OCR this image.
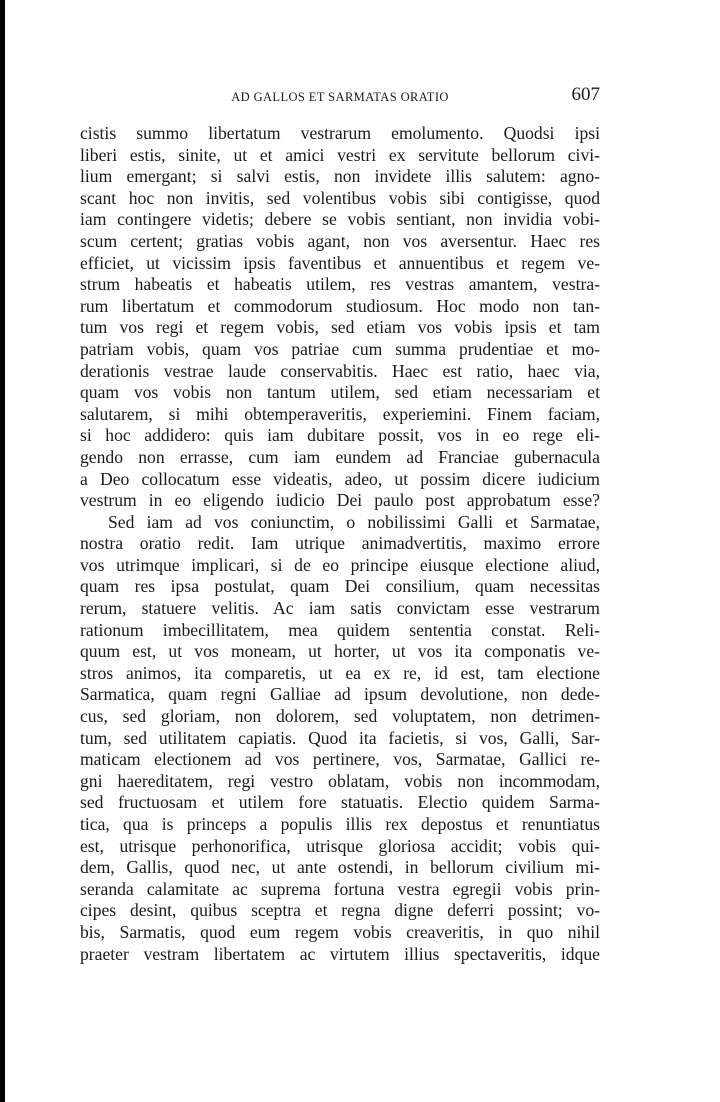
AD GALLOS ET SARMATAS ORATIO	607
cistis summo libertatum vestrarum emolumento. Quodsi ipsi
liberi estis, sinite, ut et amici vestri ex servitute bellorum civi-
lium emergant; si salvi estis, non invidete illis salutem: agno-
scant hoc non invitis, sed volentibus vobis sibi contigisse, quod
iam contingere videtis; debere se vobis sentiant, non invidia vobi-
scum certent; gratias vobis agant, non vos aversentur. Haec res
efficiet, ut vicissim ipsis faventibus et annuentibus et regem ve-
strum habeatis et habeatis utilem, res vestras amantem, vestra-
rum libertatum et commodorum studiosum. Hoc modo non tan-
tum vos regi et regem vobis, sed etiam vos vobis ipsis et tam
patriam vobis, quam vos patriae cum summa prudentiae et mo-
derationis vestrae laude conservabitis. Haec est ratio, haec via,
quam vos vobis non tantum utilem, sed etiam necessariam et
salutarem, si mihi obtemperaveritis, experiemini. Finem faciam,
si hoc addidero: quis iam dubitare possit, vos in eo rege eli-
gendo non errasse, cum iam eundem ad Franciae gubernacula
a Deo collocatum esse videatis, adeo, ut possim dicere iudicium
vestrum in eo eligendo iudicio Dei paulo post approbatum esse?
Sed iam ad vos coniunctim, o nobilissimi Galli et Sarmatae,
nostra oratio redit. Iam utrique animadvertitis, maximo errore
vos utrimque implicari, si de eo principe eiusque electione aliud,
quam res ipsa postulat, quam Dei consilium, quam necessitas
rerum, statuere velitis. Ac iam satis convictam esse vestrarum
rationum imbecillitatem, mea quidem sententia constat. Reli-
quum est, ut vos moneam, ut horter, ut vos ita componatis ve-
stros animos, ita comparetis, ut ea ex re, id est, tam electione
Sarmatica, quam regni Galliae ad ipsum devolutione, non dede-
cus, sed gloriam, non dolorem, sed voluptatem, non detrimen-
tum, sed utilitatem capiatis. Quod ita facietis, si vos, Galli, Sar-
maticam electionem ad vos pertinere, vos, Sarmatae, Gallici re-
gni haereditatem, regi vestro oblatam, vobis non incommodam,
sed fructuosam et utilem fore statuatis. Electio quidem Sarma-
tica, qua is princeps a populis illis rex depostus et renuntiatus
est, utrisque perhonorifica, utrisque gloriosa accidit; vobis qui-
dem, Gallis, quod nec, ut ante ostendi, in bellorum civilium mi-
seranda calamitate ac suprema fortuna vestra egregii vobis prin-
cipes desint, quibus sceptra et regna digne deferri possint; vo-
bis, Sarmatis, quod eum regem vobis creaveritis, in quo nihil
praeter vestram libertatem ac virtutem illius spectaveritis, idque
